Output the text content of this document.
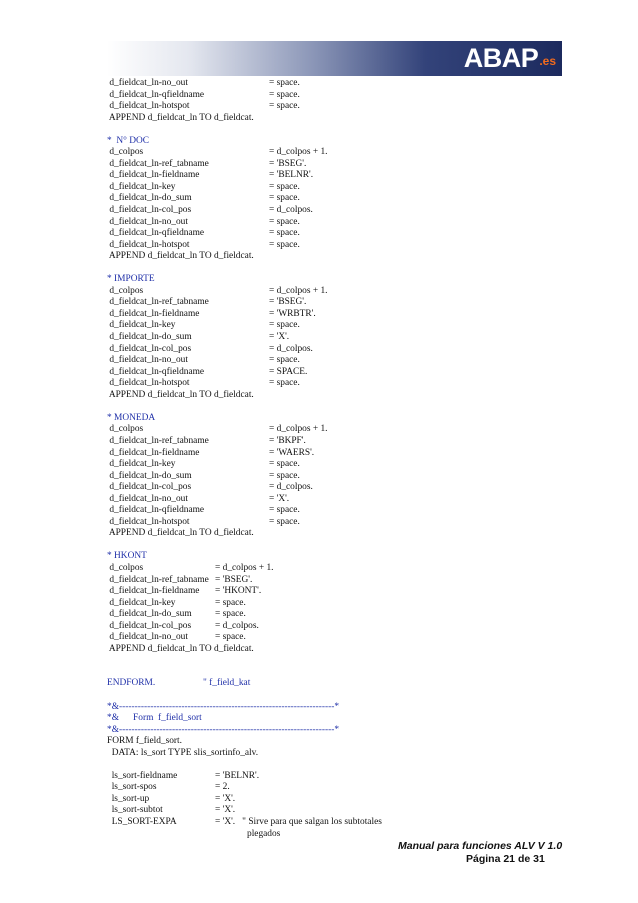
ABAP .es
d_fieldcat_ln-no_out	= space.
d_fieldcat_ln-qfieldname	= space.
d_fieldcat_ln-hotspot	= space.
APPEND d_fieldcat_ln TO d_fieldcat.
*  N° DOC
d_colpos	= d_colpos + 1.
d_fieldcat_ln-ref_tabname	= 'BSEG'.
d_fieldcat_ln-fieldname	= 'BELNR'.
d_fieldcat_ln-key	= space.
d_fieldcat_ln-do_sum	= space.
d_fieldcat_ln-col_pos	= d_colpos.
d_fieldcat_ln-no_out	= space.
d_fieldcat_ln-qfieldname	= space.
d_fieldcat_ln-hotspot	= space.
APPEND d_fieldcat_ln TO d_fieldcat.
* IMPORTE
d_colpos	= d_colpos + 1.
d_fieldcat_ln-ref_tabname	= 'BSEG'.
d_fieldcat_ln-fieldname	= 'WRBTR'.
d_fieldcat_ln-key	= space.
d_fieldcat_ln-do_sum	= 'X'.
d_fieldcat_ln-col_pos	= d_colpos.
d_fieldcat_ln-no_out	= space.
d_fieldcat_ln-qfieldname	= SPACE.
d_fieldcat_ln-hotspot	= space.
APPEND d_fieldcat_ln TO d_fieldcat.
* MONEDA
d_colpos	= d_colpos + 1.
d_fieldcat_ln-ref_tabname	= 'BKPF'.
d_fieldcat_ln-fieldname	= 'WAERS'.
d_fieldcat_ln-key	= space.
d_fieldcat_ln-do_sum	= space.
d_fieldcat_ln-col_pos	= d_colpos.
d_fieldcat_ln-no_out	= 'X'.
d_fieldcat_ln-qfieldname	= space.
d_fieldcat_ln-hotspot	= space.
APPEND d_fieldcat_ln TO d_fieldcat.
* HKONT
d_colpos	= d_colpos + 1.
d_fieldcat_ln-ref_tabname = 'BSEG'.
d_fieldcat_ln-fieldname = 'HKONT'.
d_fieldcat_ln-key	= space.
d_fieldcat_ln-do_sum = space.
d_fieldcat_ln-col_pos	= d_colpos.
d_fieldcat_ln-no_out	= space.
APPEND d_fieldcat_ln TO d_fieldcat.
ENDFORM.	" f_field_kat
*&---------------------------------------------------------------------*
*&      Form  f_field_sort
*&---------------------------------------------------------------------*
FORM f_field_sort.
DATA: ls_sort TYPE slis_sortinfo_alv.
ls_sort-fieldname	= 'BELNR'.
ls_sort-spos	= 2.
ls_sort-up	= 'X'.
ls_sort-subtot	= 'X'.
LS_SORT-EXPA	= 'X'.   " Sirve para que salgan los subtotales
plegados
Manual para funciones ALV V 1.0
Página 21 de 31
